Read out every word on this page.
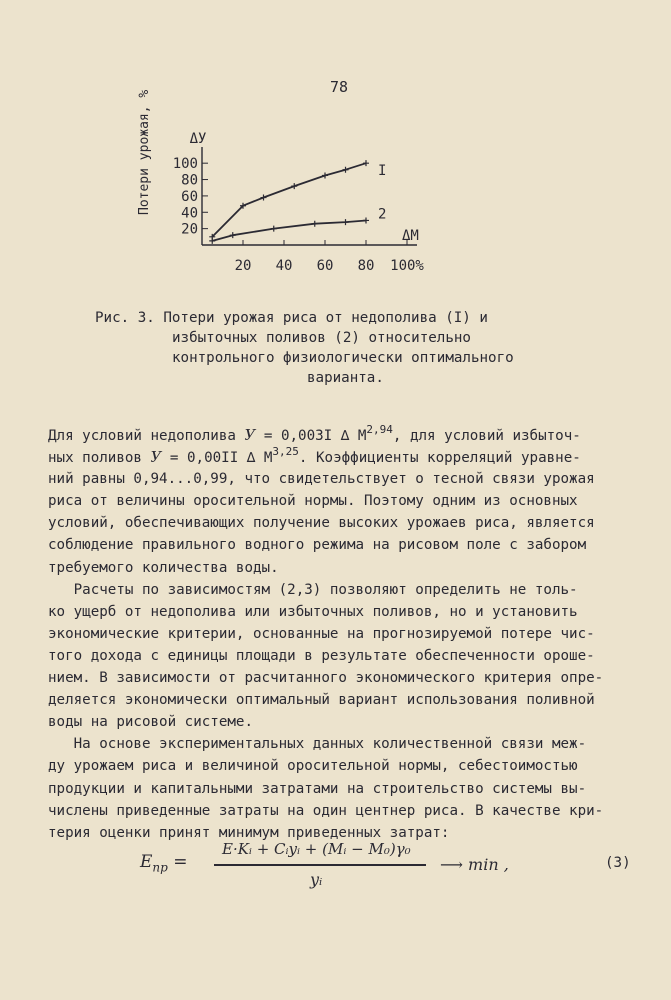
78
100
80
60
40
20
20 40 60 80 100%
ΔУ
ΔМ
Потери урожая, %	I
2
Рис. 3. Потери урожая риса от недополива (I) и
избыточных поливов (2) относительно
контрольного физиологически оптимального
варианта.
Для условий недополива У = 0,003I ∆ М$^{2,94}$, для условий избыточ-
ных поливов У = 0,00II ∆ М$^{3,25}$. Коэффициенты корреляций уравне-
ний равны 0,94...0,99, что свидетельствует о тесной связи урожая
риса от величины оросительной нормы. Поэтому одним из основных
условий, обеспечивающих получение высоких урожаев риса, является
соблюдение правильного водного режима на рисовом поле с забором
требуемого количества воды.
Расчеты по зависимостям (2,3) позволяют определить не толь-
ко ущерб от недополива или избыточных поливов, но и установить
экономические критерии, основанные на прогнозируемой потере чис-
того дохода с единицы площади в результате обеспеченности ороше-
нием. В зависимости от расчитанного экономического критерия опре-
деляется экономически оптимальный вариант использования поливной
воды на рисовой системе.
На основе экспериментальных данных количественной связи меж-
ду урожаем риса и величиной оросительной нормы, себестоимостью
продукции и капитальными затратами на строительство системы вы-
числены приведенные затраты на один центнер риса. В качестве кри-
терия оценки принят минимум приведенных затрат:
$Е_{пр}$ =
E·Kᵢ + Cᵢyᵢ + (Mᵢ − M₀)γ₀
yᵢ
⟶ min ,	(3)
